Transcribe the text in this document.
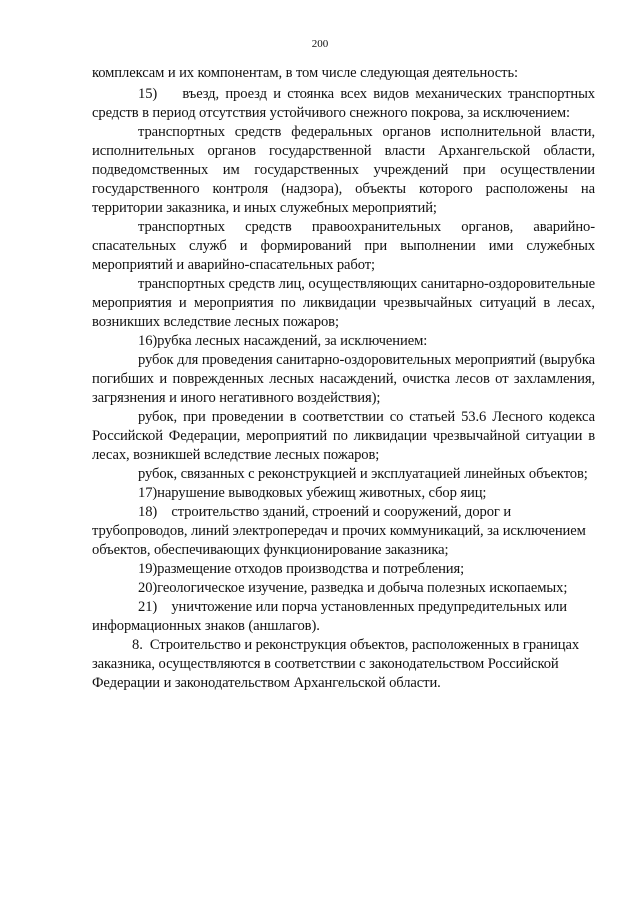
200

комплексам и их компонентам, в том числе следующая деятельность:

15)    въезд, проезд и стоянка всех видов механических транспортных средств в период отсутствия устойчивого снежного покрова, за исключением:

транспортных средств федеральных органов исполнительной власти, исполнительных органов государственной власти Архангельской области, подведомственных им государственных учреждений при осуществлении государственного контроля (надзора), объекты которого расположены на территории заказника, и иных служебных мероприятий;

транспортных средств правоохранительных органов, аварийно-спасательных служб и формирований при выполнении ими служебных мероприятий и аварийно-спасательных работ;

транспортных средств лиц, осуществляющих санитарно-оздоровительные мероприятия и мероприятия по ликвидации чрезвычайных ситуаций в лесах, возникших вследствие лесных пожаров;

16)рубка лесных насаждений, за исключением:

рубок для проведения санитарно-оздоровительных мероприятий (вырубка погибших и поврежденных лесных насаждений, очистка лесов от захламления, загрязнения и иного негативного воздействия);

рубок, при проведении в соответствии со статьей 53.6 Лесного кодекса Российской Федерации, мероприятий по ликвидации чрезвычайной ситуации в лесах, возникшей вследствие лесных пожаров;

рубок, связанных с реконструкцией и эксплуатацией линейных объектов;

17)нарушение выводковых убежищ животных, сбор яиц;

18)    строительство зданий, строений и сооружений, дорог и трубопроводов, линий электропередач и прочих коммуникаций, за исключением объектов, обеспечивающих функционирование заказника;

19)размещение отходов производства и потребления;

20)геологическое изучение, разведка и добыча полезных ископаемых;

21)    уничтожение или порча установленных предупредительных или информационных знаков (аншлагов).

8.  Строительство и реконструкция объектов, расположенных в границах заказника, осуществляются в соответствии с законодательством Российской Федерации и законодательством Архангельской области.
